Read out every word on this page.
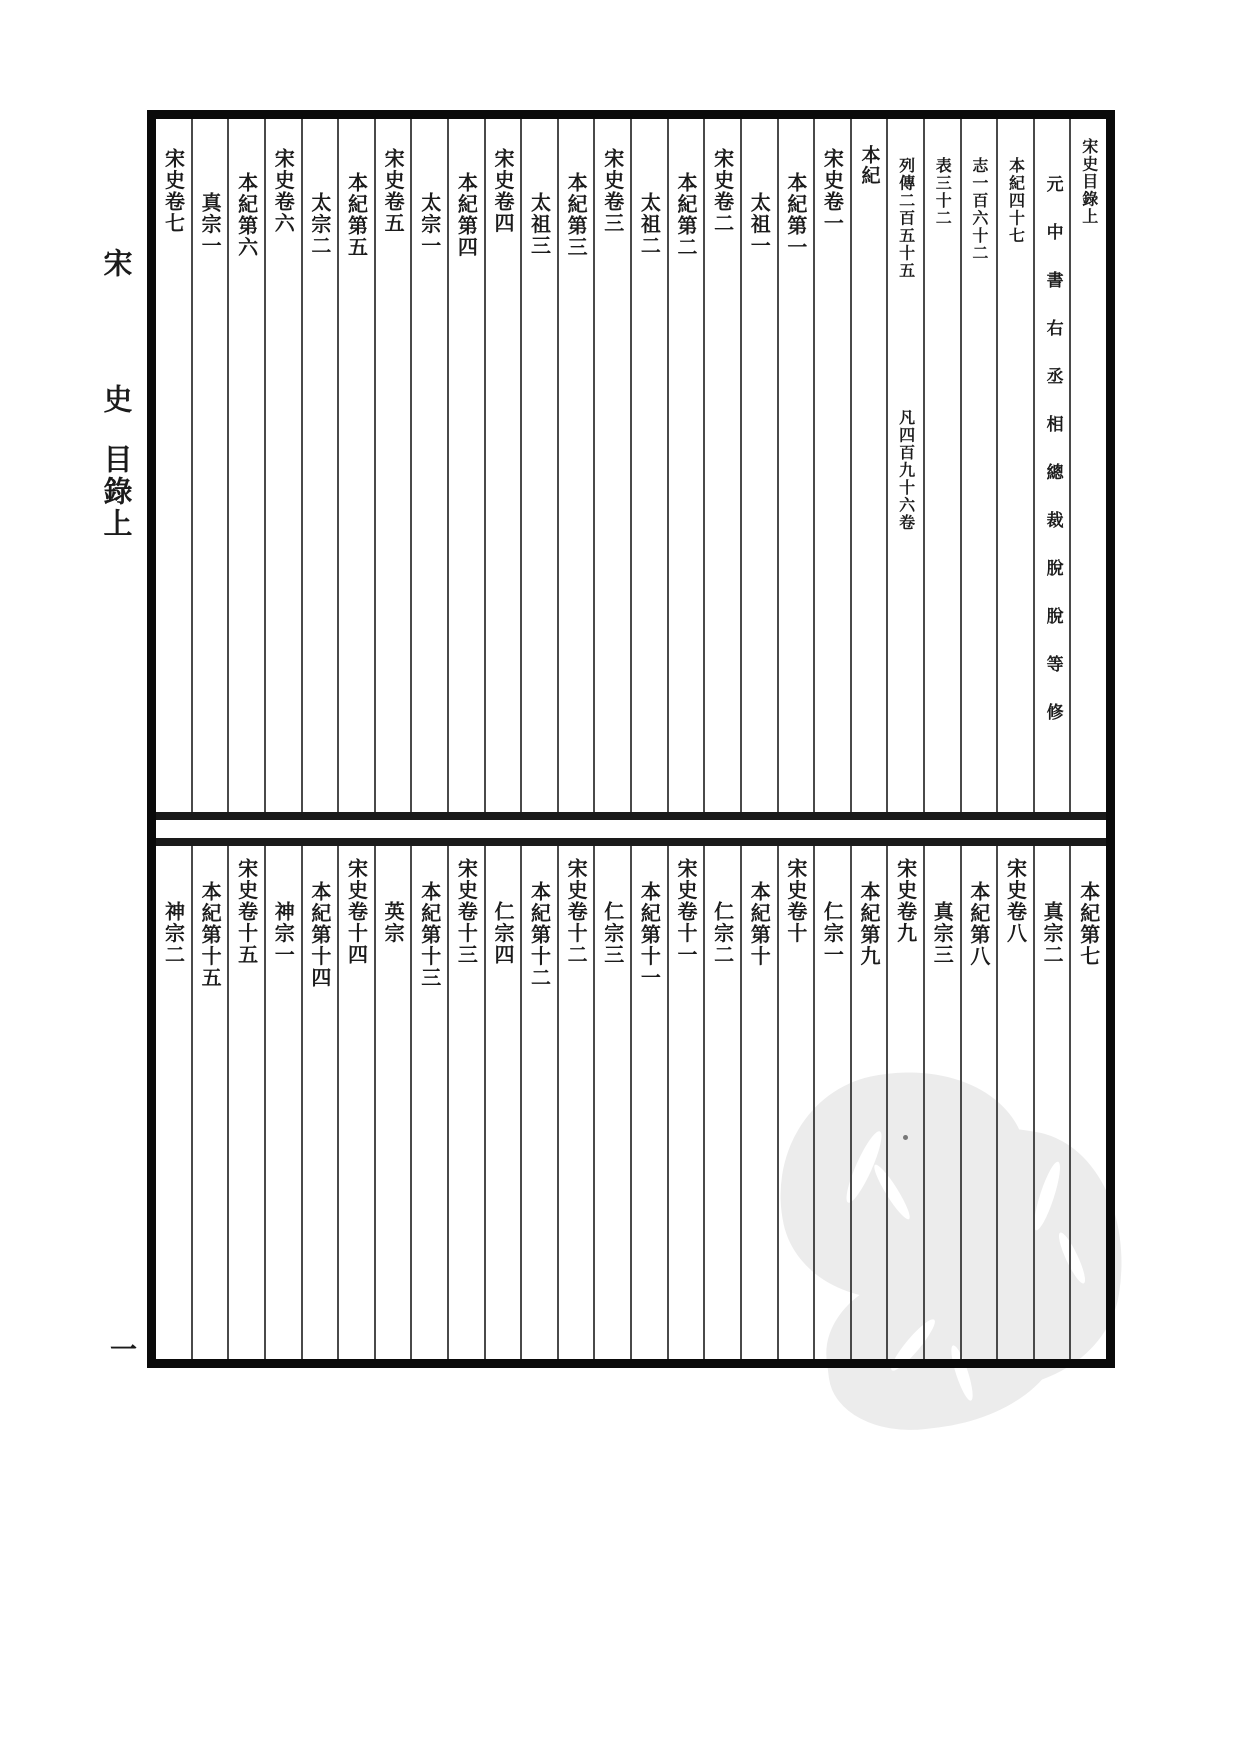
宋
史
目錄上
一
宋史目錄上
元中書右丞相總裁脫脫等修
本紀四十七
志一百六十二
表三十二
列傳二百五十五
凡四百九十六卷
本紀
宋史卷一
本紀第一
太祖一
宋史卷二
本紀第二
太祖二
宋史卷三
本紀第三
太祖三
宋史卷四
本紀第四
太宗一
宋史卷五
本紀第五
太宗二
宋史卷六
本紀第六
真宗一
宋史卷七
本紀第七
真宗二
宋史卷八
本紀第八
真宗三
宋史卷九
本紀第九
仁宗一
宋史卷十
本紀第十
仁宗二
宋史卷十一
本紀第十一
仁宗三
宋史卷十二
本紀第十二
仁宗四
宋史卷十三
本紀第十三
英宗
宋史卷十四
本紀第十四
神宗一
宋史卷十五
本紀第十五
神宗二
